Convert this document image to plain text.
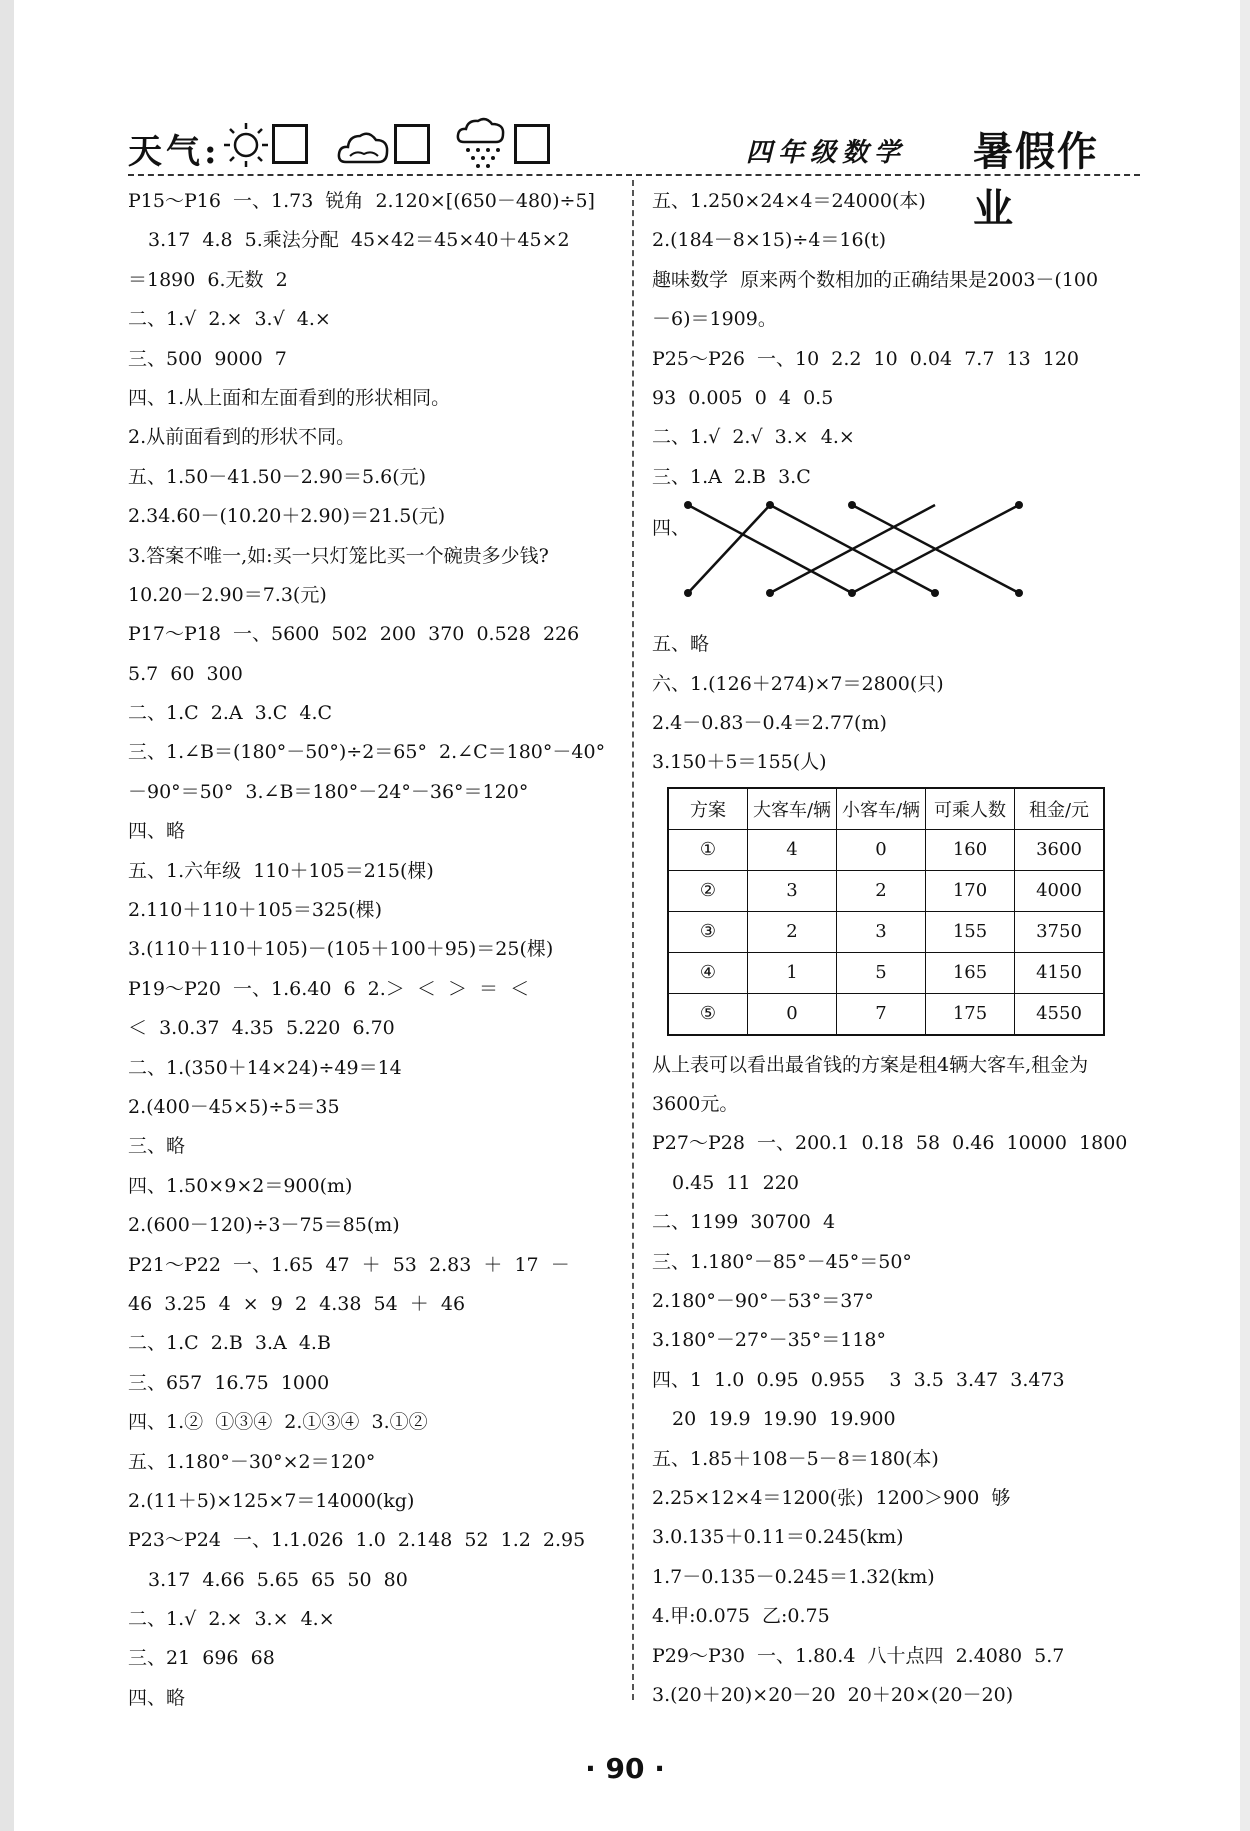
天气:	四年级数学 暑假作业
P15～P16  一、1.73  锐角  2.120×[(650－480)÷5]
3.17  4.8  5.乘法分配  45×42＝45×40＋45×2
＝1890  6.无数  2
二、1.√  2.×  3.√  4.×
三、500  9000  7
四、1.从上面和左面看到的形状相同。
2.从前面看到的形状不同。
五、1.50－41.50－2.90＝5.6(元)
2.34.60－(10.20＋2.90)＝21.5(元)
3.答案不唯一,如:买一只灯笼比买一个碗贵多少钱?
10.20－2.90＝7.3(元)
P17～P18  一、5600  502  200  370  0.528  226
5.7  60  300
二、1.C  2.A  3.C  4.C
三、1.∠B＝(180°－50°)÷2＝65°  2.∠C＝180°－40°
－90°＝50°  3.∠B＝180°－24°－36°＝120°
四、略
五、1.六年级  110＋105＝215(棵)
2.110＋110＋105＝325(棵)
3.(110＋110＋105)－(105＋100＋95)＝25(棵)
P19～P20  一、1.6.40  6  2.＞  ＜  ＞  ＝  ＜
＜  3.0.37  4.35  5.220  6.70
二、1.(350＋14×24)÷49＝14
2.(400－45×5)÷5＝35
三、略
四、1.50×9×2＝900(m)
2.(600－120)÷3－75＝85(m)
P21～P22  一、1.65  47  ＋  53  2.83  ＋  17  －
46  3.25  4  ×  9  2  4.38  54  ＋  46
二、1.C  2.B  3.A  4.B
三、657  16.75  1000
四、1.②  ①③④  2.①③④  3.①②
五、1.180°－30°×2＝120°
2.(11＋5)×125×7＝14000(kg)
P23～P24  一、1.1.026  1.0  2.148  52  1.2  2.95
3.17  4.66  5.65  65  50  80
二、1.√  2.×  3.×  4.×
三、21  696  68
四、略
五、1.250×24×4＝24000(本)
2.(184－8×15)÷4＝16(t)
趣味数学  原来两个数相加的正确结果是2003－(100
－6)＝1909。
P25～P26  一、10  2.2  10  0.04  7.7  13  120
93  0.005  0  4  0.5
二、1.√  2.√  3.×  4.×
三、1.A  2.B  3.C
四、
五、略
六、1.(126＋274)×7＝2800(只)
2.4－0.83－0.4＝2.77(m)
3.150＋5＝155(人)
方案	大客车/辆	小客车/辆	可乘人数	租金/元
①	4	0	160	3600
②	3	2	170	4000
③	2	3	155	3750
④	1	5	165	4150
⑤	0	7	175	4550
从上表可以看出最省钱的方案是租4辆大客车,租金为
3600元。
P27～P28  一、200.1  0.18  58  0.46  10000  1800
0.45  11  220
二、1199  30700  4
三、1.180°－85°－45°＝50°
2.180°－90°－53°＝37°
3.180°－27°－35°＝118°
四、1  1.0  0.95  0.955    3  3.5  3.47  3.473
20  19.9  19.90  19.900
五、1.85＋108－5－8＝180(本)
2.25×12×4＝1200(张)  1200＞900  够
3.0.135＋0.11＝0.245(km)
1.7－0.135－0.245＝1.32(km)
4.甲:0.075  乙:0.75
P29～P30  一、1.80.4  八十点四  2.4080  5.7
3.(20＋20)×20－20  20＋20×(20－20)
· 90 ·
